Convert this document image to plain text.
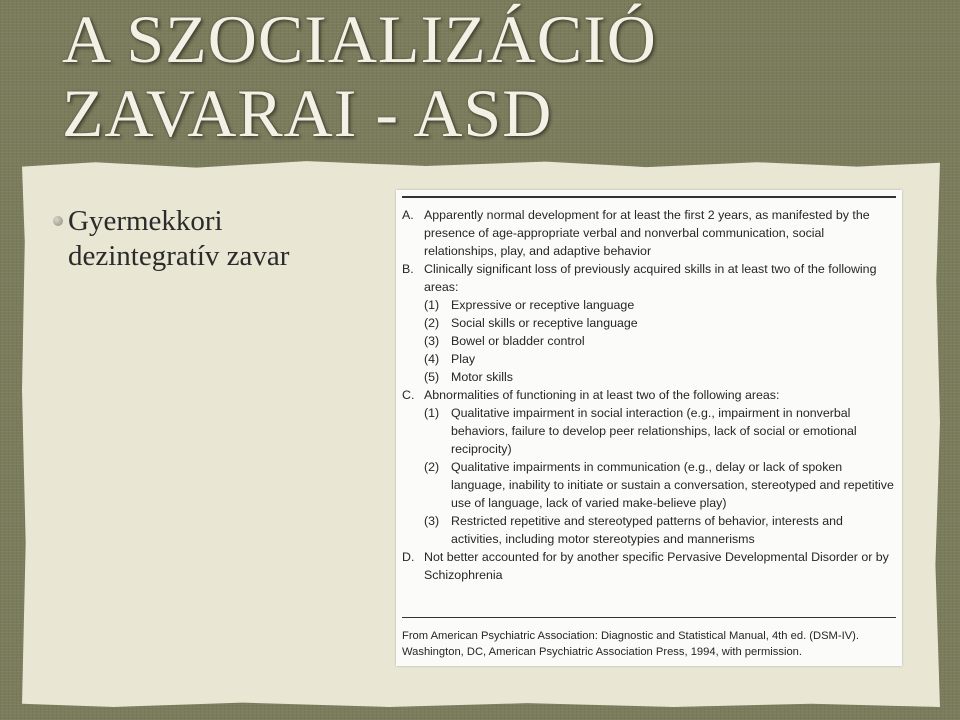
A SZOCIALIZÁCIÓ
ZAVARAI - ASD
Gyermekkori dezintegratív zavar
A. Apparently normal development for at least the first 2 years, as manifested by the presence of age-appropriate verbal and nonverbal communication, social relationships, play, and adaptive behavior
B. Clinically significant loss of previously acquired skills in at least two of the following areas:
(1) Expressive or receptive language
(2) Social skills or receptive language
(3) Bowel or bladder control
(4) Play
(5) Motor skills
C. Abnormalities of functioning in at least two of the following areas:
(1) Qualitative impairment in social interaction (e.g., impairment in nonverbal behaviors, failure to develop peer relationships, lack of social or emotional reciprocity)
(2) Qualitative impairments in communication (e.g., delay or lack of spoken language, inability to initiate or sustain a conversation, stereotyped and repetitive use of language, lack of varied make-believe play)
(3) Restricted repetitive and stereotyped patterns of behavior, interests and activities, including motor stereotypies and mannerisms
D. Not better accounted for by another specific Pervasive Developmental Disorder or by Schizophrenia
From American Psychiatric Association: Diagnostic and Statistical Manual, 4th ed. (DSM-IV). Washington, DC, American Psychiatric Association Press, 1994, with permission.
